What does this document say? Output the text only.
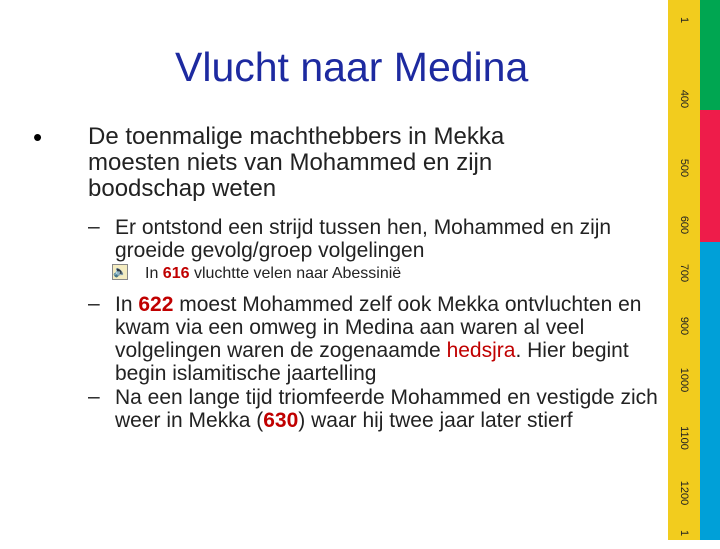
Vlucht naar Medina
• De toenmalige machthebbers in Mekka moesten niets van Mohammed en zijn boodschap weten
– Er ontstond een strijd tussen hen, Mohammed en zijn groeide gevolg/groep volgelingen
🔈 In 616 vluchtte velen naar Abessinië
– In 622 moest Mohammed zelf ook Mekka ontvluchten en kwam via een omweg in Medina aan waren al veel volgelingen waren de zogenaamde hedsjra. Hier begint begin islamitische jaartelling
– Na een lange tijd triomfeerde Mohammed en vestigde zich weer in Mekka (630) waar hij twee jaar later stierf
1
400
500
600
700
900
1000
1100
1200
1
